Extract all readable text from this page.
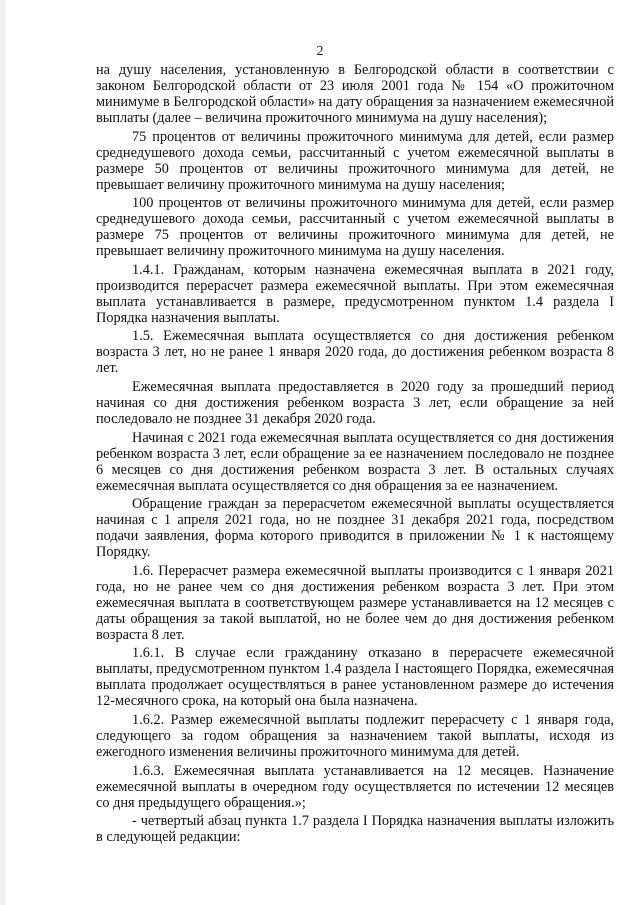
2

на душу населения, установленную в Белгородской области в соответствии с законом Белгородской области от 23 июля 2001 года № 154 «О прожиточном минимуме в Белгородской области» на дату обращения за назначением ежемесячной выплаты (далее – величина прожиточного минимума на душу населения);

75 процентов от величины прожиточного минимума для детей, если размер среднедушевого дохода семьи, рассчитанный с учетом ежемесячной выплаты в размере 50 процентов от величины прожиточного минимума для детей, не превышает величину прожиточного минимума на душу населения;

100 процентов от величины прожиточного минимума для детей, если размер среднедушевого дохода семьи, рассчитанный с учетом ежемесячной выплаты в размере 75 процентов от величины прожиточного минимума для детей, не превышает величину прожиточного минимума на душу населения.

1.4.1. Гражданам, которым назначена ежемесячная выплата в 2021 году, производится перерасчет размера ежемесячной выплаты. При этом ежемесячная выплата устанавливается в размере, предусмотренном пунктом 1.4 раздела I Порядка назначения выплаты.

1.5. Ежемесячная выплата осуществляется со дня достижения ребенком возраста 3 лет, но не ранее 1 января 2020 года, до достижения ребенком возраста 8 лет.

Ежемесячная выплата предоставляется в 2020 году за прошедший период начиная со дня достижения ребенком возраста 3 лет, если обращение за ней последовало не позднее 31 декабря 2020 года.

Начиная с 2021 года ежемесячная выплата осуществляется со дня достижения ребенком возраста 3 лет, если обращение за ее назначением последовало не позднее 6 месяцев со дня достижения ребенком возраста 3 лет. В остальных случаях ежемесячная выплата осуществляется со дня обращения за ее назначением.

Обращение граждан за перерасчетом ежемесячной выплаты осуществляется начиная с 1 апреля 2021 года, но не позднее 31 декабря 2021 года, посредством подачи заявления, форма которого приводится в приложении № 1 к настоящему Порядку.

1.6. Перерасчет размера ежемесячной выплаты производится с 1 января 2021 года, но не ранее чем со дня достижения ребенком возраста 3 лет. При этом ежемесячная выплата в соответствующем размере устанавливается на 12 месяцев с даты обращения за такой выплатой, но не более чем до дня достижения ребенком возраста 8 лет.

1.6.1. В случае если гражданину отказано в перерасчете ежемесячной выплаты, предусмотренном пунктом 1.4 раздела I настоящего Порядка, ежемесячная выплата продолжает осуществляться в ранее установленном размере до истечения 12-месячного срока, на который она была назначена.

1.6.2. Размер ежемесячной выплаты подлежит перерасчету с 1 января года, следующего за годом обращения за назначением такой выплаты, исходя из ежегодного изменения величины прожиточного минимума для детей.

1.6.3. Ежемесячная выплата устанавливается на 12 месяцев. Назначение ежемесячной выплаты в очередном году осуществляется по истечении 12 месяцев со дня предыдущего обращения.»;

- четвертый абзац пункта 1.7 раздела I Порядка назначения выплаты изложить в следующей редакции:
